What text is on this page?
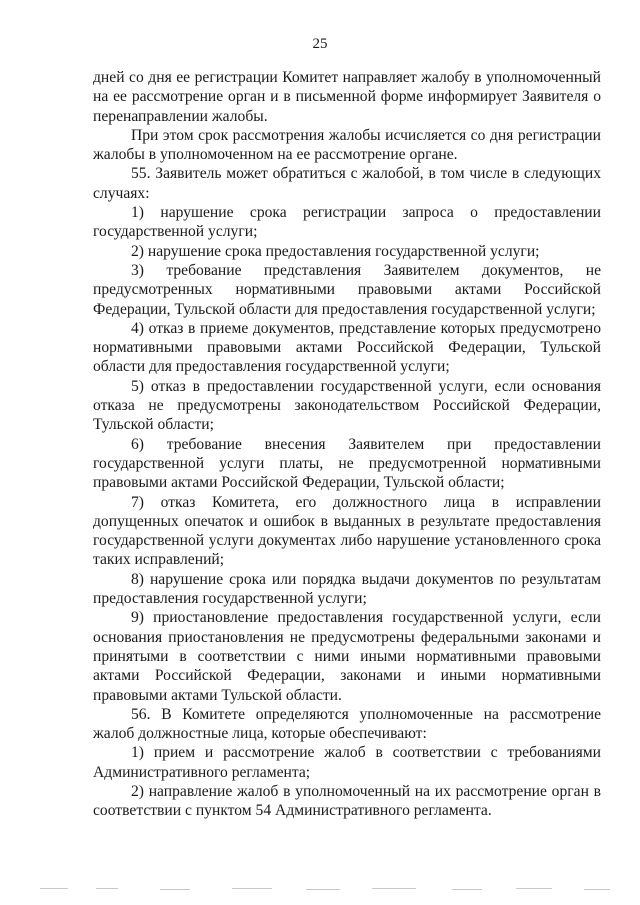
25

дней со дня ее регистрации Комитет направляет жалобу в уполномоченный на ее рассмотрение орган и в письменной форме информирует Заявителя о перенаправлении жалобы.

При этом срок рассмотрения жалобы исчисляется со дня регистрации жалобы в уполномоченном на ее рассмотрение органе.

55. Заявитель может обратиться с жалобой, в том числе в следующих случаях:

1) нарушение срока регистрации запроса о предоставлении государственной услуги;

2) нарушение срока предоставления государственной услуги;

3) требование представления Заявителем документов, не предусмотренных нормативными правовыми актами Российской Федерации, Тульской области для предоставления государственной услуги;

4) отказ в приеме документов, представление которых предусмотрено нормативными правовыми актами Российской Федерации, Тульской области для предоставления государственной услуги;

5) отказ в предоставлении государственной услуги, если основания отказа не предусмотрены законодательством Российской Федерации, Тульской области;

6) требование внесения Заявителем при предоставлении государственной услуги платы, не предусмотренной нормативными правовыми актами Российской Федерации, Тульской области;

7) отказ Комитета, его должностного лица в исправлении допущенных опечаток и ошибок в выданных в результате предоставления государственной услуги документах либо нарушение установленного срока таких исправлений;

8) нарушение срока или порядка выдачи документов по результатам предоставления государственной услуги;

9) приостановление предоставления государственной услуги, если основания приостановления не предусмотрены федеральными законами и принятыми в соответствии с ними иными нормативными правовыми актами Российской Федерации, законами и иными нормативными правовыми актами Тульской области.

56. В Комитете определяются уполномоченные на рассмотрение жалоб должностные лица, которые обеспечивают:

1) прием и рассмотрение жалоб в соответствии с требованиями Административного регламента;

2) направление жалоб в уполномоченный на их рассмотрение орган в соответствии с пунктом 54 Административного регламента.
